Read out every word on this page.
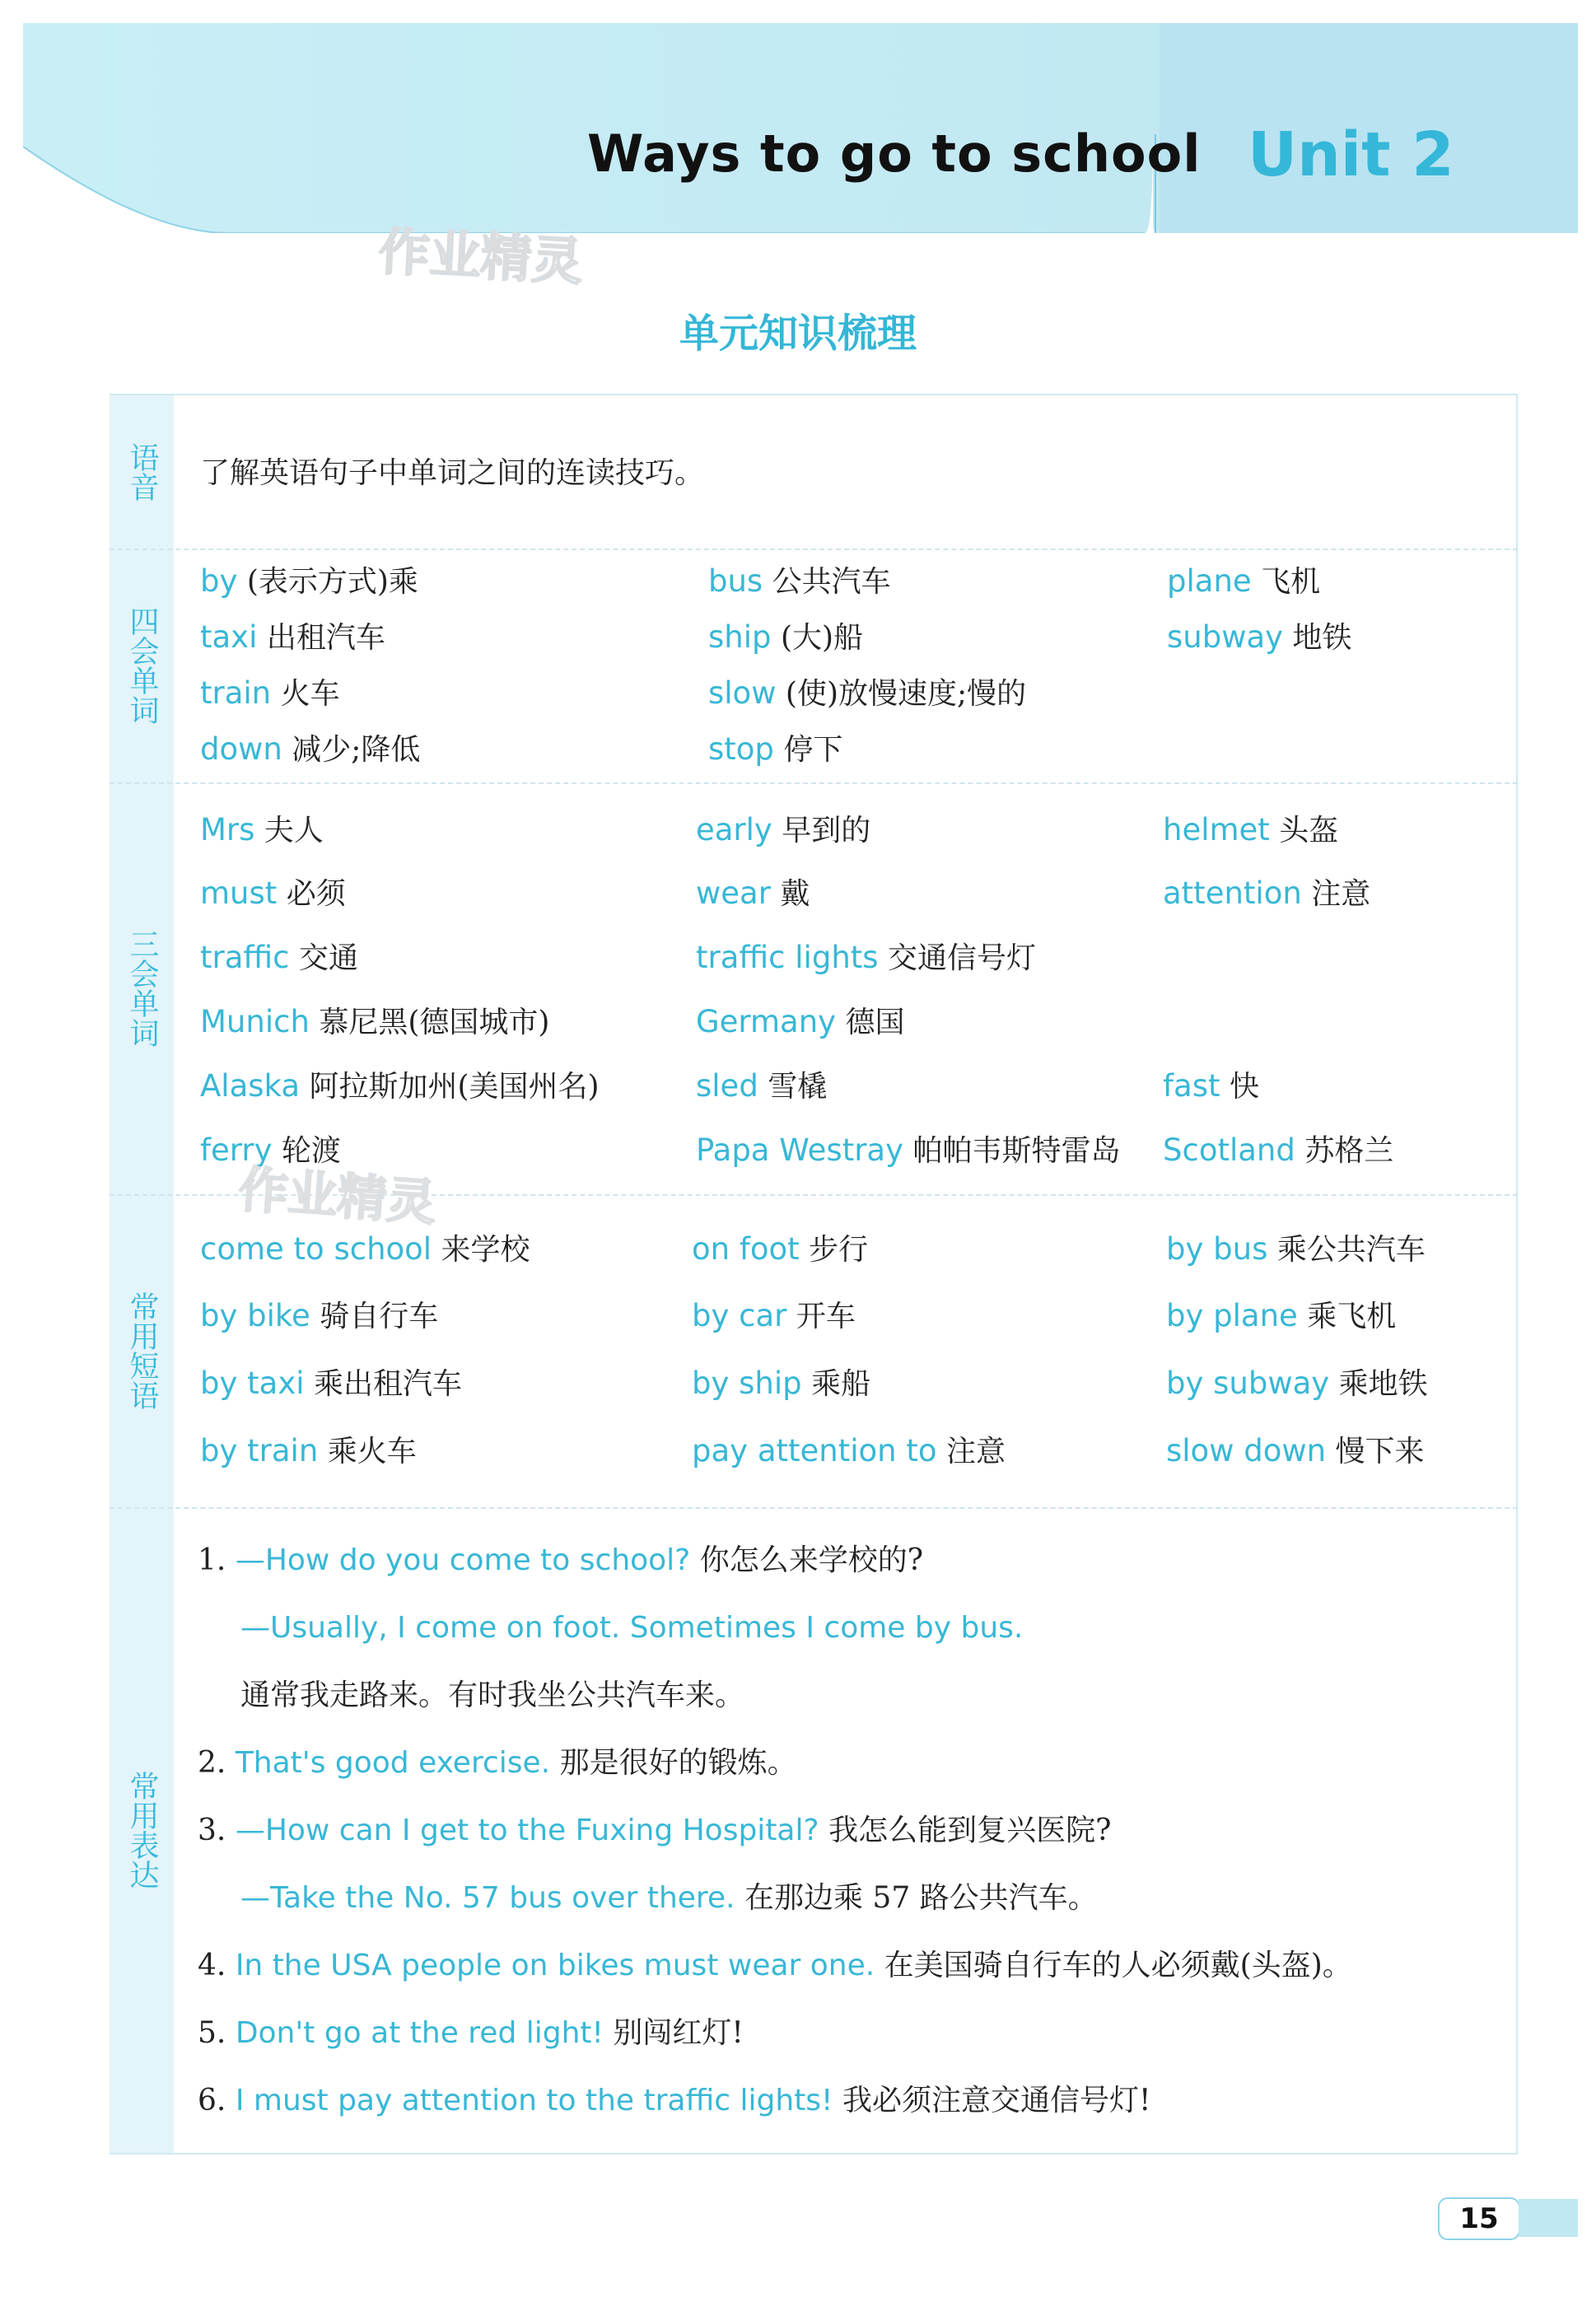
Ways to go to school Unit 2
作业精灵
单元知识梳理
语音
四会单词
三会单词
常用短语
常用表达
了解英语句子中单词之间的连读技巧。
by (表示方式)乘	bus 公共汽车	plane 飞机
taxi 出租汽车	ship (大)船	subway 地铁
train 火车	slow (使)放慢速度;慢的
down 减少;降低	stop 停下
Mrs 夫人	early 早到的	helmet 头盔
must 必须	wear 戴	attention 注意
traffic 交通	traffic lights 交通信号灯
Munich 慕尼黑(德国城市)	Germany 德国
Alaska 阿拉斯加州(美国州名)	sled 雪橇	fast 快
ferry 轮渡	Papa Westray 帕帕韦斯特雷岛 Scotland 苏格兰
作业精灵
come to school 来学校	on foot 步行	by bus 乘公共汽车
by bike 骑自行车	by car 开车	by plane 乘飞机
by taxi 乘出租汽车	by ship 乘船	by subway 乘地铁
by train 乘火车	pay attention to 注意	slow down 慢下来
1. —How do you come to school? 你怎么来学校的?
—Usually, I come on foot. Sometimes I come by bus.
通常我走路来。有时我坐公共汽车来。
2. That's good exercise. 那是很好的锻炼。
3. —How can I get to the Fuxing Hospital? 我怎么能到复兴医院?
—Take the No. 57 bus over there. 在那边乘 57 路公共汽车。
4. In the USA people on bikes must wear one. 在美国骑自行车的人必须戴(头盔)。
5. Don't go at the red light! 别闯红灯!
6. I must pay attention to the traffic lights! 我必须注意交通信号灯!
15
